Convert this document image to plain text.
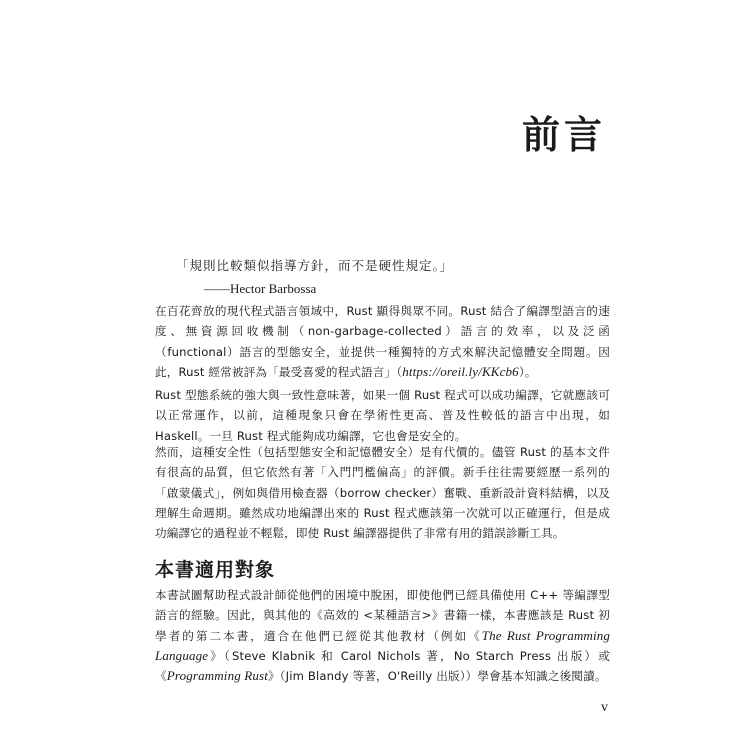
前言
「規則比較類似指導方針，而不是硬性規定。」
——Hector Barbossa

在百花齊放的現代程式語言領域中，Rust 顯得與眾不同。Rust 結合了編譯型語言的速度、無資源回收機制（non-garbage-collected）語言的效率，以及泛函（functional）語言的型態安全，並提供一種獨特的方式來解決記憶體安全問題。因此，Rust 經常被評為「最受喜愛的程式語言」（https://oreil.ly/KKcb6）。

Rust 型態系統的強大與一致性意味著，如果一個 Rust 程式可以成功編譯，它就應該可以正常運作，以前，這種現象只會在學術性更高、普及性較低的語言中出現，如 Haskell。一旦 Rust 程式能夠成功編譯，它也會是安全的。

然而，這種安全性（包括型態安全和記憶體安全）是有代價的。儘管 Rust 的基本文件有很高的品質，但它依然有著「入門門檻偏高」的評價。新手往往需要經歷一系列的「啟蒙儀式」，例如與借用檢查器（borrow checker）奮戰、重新設計資料結構，以及理解生命週期。雖然成功地編譯出來的 Rust 程式應該第一次就可以正確運行，但是成功編譯它的過程並不輕鬆，即使 Rust 編譯器提供了非常有用的錯誤診斷工具。

本書適用對象

本書試圖幫助程式設計師從他們的困境中脫困，即使他們已經具備使用 C++ 等編譯型語言的經驗。因此，與其他的《高效的 <某種語言>》書籍一樣，本書應該是 Rust 初學者的第二本書，適合在他們已經從其他教材（例如《The Rust Programming Language》（Steve Klabnik 和 Carol Nichols 著，No Starch Press 出版）或《Programming Rust》（Jim Blandy 等著，O'Reilly 出版））學會基本知識之後閱讀。

v
